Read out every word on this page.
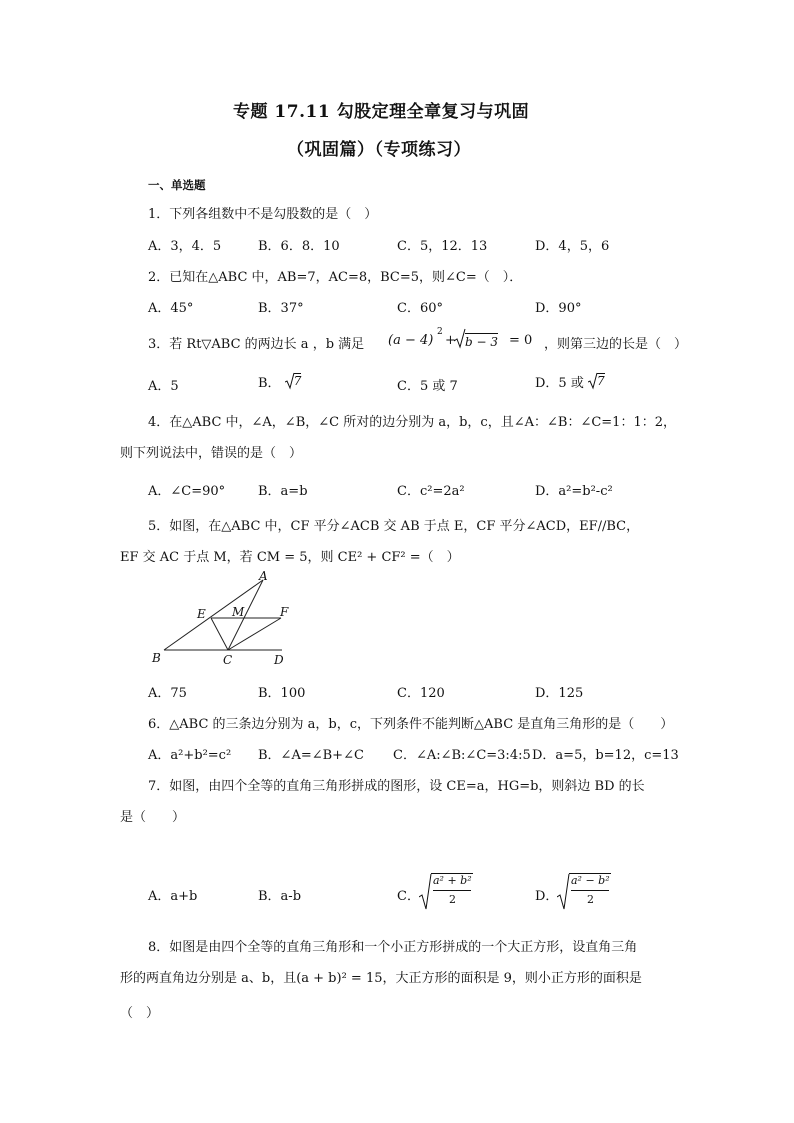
专题 17.11 勾股定理全章复习与巩固
（巩固篇）（专项练习）
一、单选题
1．下列各组数中不是勾股数的是（　）
A．3，4．5	B．6．8．10	C．5，12．13	D．4，5，6
2．已知在△ABC 中，AB=7，AC=8，BC=5，则∠C=（　）．
A．45°	B．37°	C．60°	D．90°
3．若 Rt▽ABC 的两边长 a ，b 满足 (a − 4)
2
+ b − 3 = 0 ，则第三边的长是（　）
A．5	B． 7	C．5 或 7	D．5 或 7
4．在△ABC 中，∠A，∠B，∠C 所对的边分别为 a，b，c，且∠A：∠B：∠C=1：1：2，
则下列说法中，错误的是（　）
A．∠C=90°	B．a=b	C．c²=2a²	D．a²=b²-c²
5．如图，在△ABC 中，CF 平分∠ACB 交 AB 于点 E，CF 平分∠ACD，EF//BC，
EF 交 AC 于点 M，若 CM = 5，则 CE² + CF² =（　）
A
E M	F
B	C	D
A．75	B．100	C．120	D．125
6．△ABC 的三条边分别为 a，b，c，下列条件不能判断△ABC 是直角三角形的是（　　）
A．a²+b²=c² B．∠A=∠B+∠C C．∠A:∠B:∠C=3:4:5 D．a=5，b=12，c=13
7．如图，由四个全等的直角三角形拼成的图形，设 CE=a，HG=b，则斜边 BD 的长
是（　　）
A．a+b	B．a-b	C．
a² + b²
2	D．
a² − b²
2
8．如图是由四个全等的直角三角形和一个小正方形拼成的一个大正方形，设直角三角
形的两直角边分别是 a、b，且(a + b)² = 15，大正方形的面积是 9，则小正方形的面积是
（　）
